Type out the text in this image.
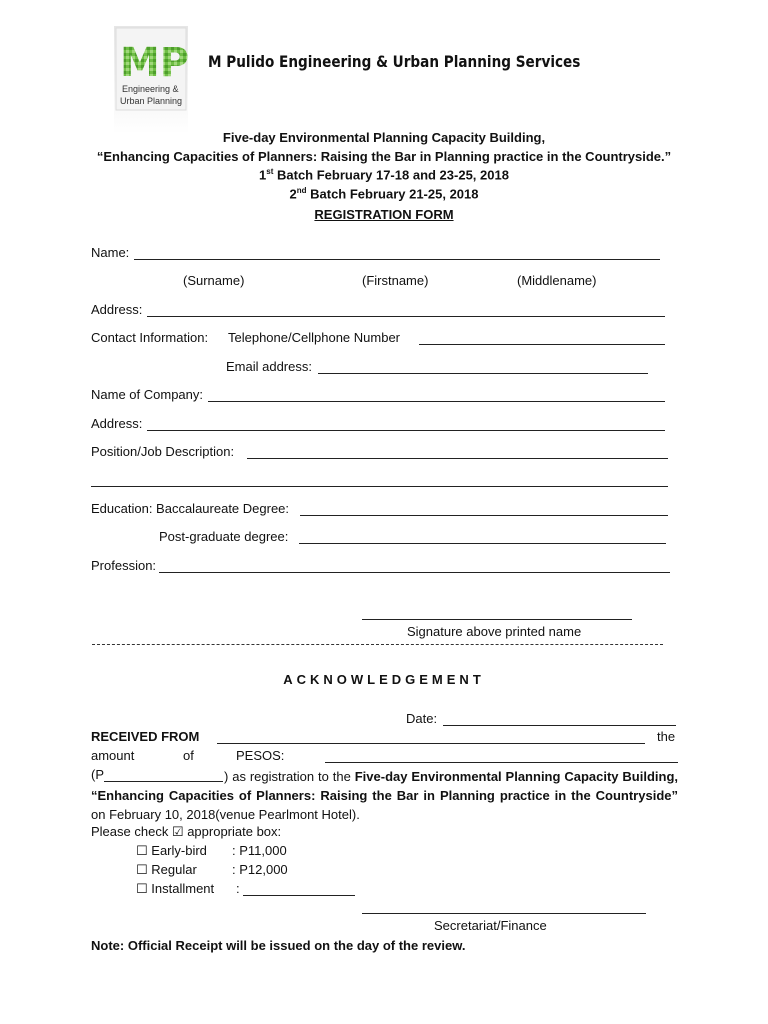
MP
Engineering &
Urban Planning
M Pulido Engineering & Urban Planning Services
Five-day Environmental Planning Capacity Building,
“Enhancing Capacities of Planners: Raising the Bar in Planning practice in the Countryside.”
1st Batch February 17-18 and 23-25, 2018
2nd Batch February 21-25, 2018
REGISTRATION FORM
Name:
(Surname)	(Firstname)	(Middlename)
Address:
Contact Information: Telephone/Cellphone Number
Email address:
Name of Company:
Address:
Position/Job Description:
Education: Baccalaureate Degree:
Post-graduate degree:
Profession:
Signature above printed name
ACKNOWLEDGEMENT
Date:
RECEIVED FROM	the
amount	of	PESOS:
(P	) as registration to the Five-day Environmental Planning Capacity Building, “Enhancing Capacities of Planners: Raising the Bar in Planning practice in the Countryside” on February 10, 2018(venue Pearlmont Hotel).
Please check ☑ appropriate box:
☐ Early-bird : P11,000
☐ Regular	: P12,000
☐ Installment :
Secretariat/Finance
Note: Official Receipt will be issued on the day of the review.
